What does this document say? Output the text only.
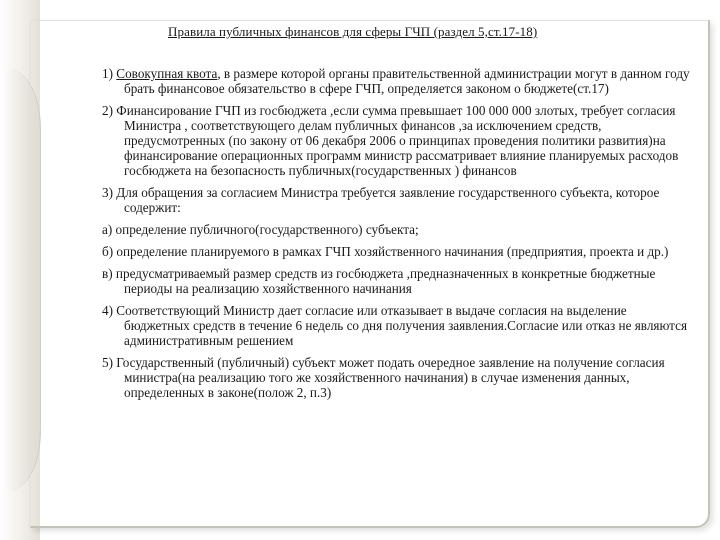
Правила публичных финансов для сферы ГЧП (раздел 5,ст.17-18)

1) Совокупная квота, в размере которой органы правительственной администрации могут в данном году брать финансовое обязательство в сфере ГЧП, определяется законом о бюджете(ст.17)

2) Финансирование ГЧП из госбюджета ,если сумма превышает 100 000 000 злотых, требует согласия Министра , соответствующего делам публичных финансов ,за исключением средств, предусмотренных (по закону от 06 декабря 2006 о принципах проведения политики развития)на финансирование операционных программ министр рассматривает влияние планируемых расходов госбюджета на безопасность публичных(государственных ) финансов

3) Для обращения за согласием Министра требуется заявление государственного субъекта, которое содержит:

а) определение публичного(государственного) субъекта;

б) определение планируемого в рамках ГЧП хозяйственного начинания (предприятия, проекта и др.)

в) предусматриваемый размер средств из госбюджета ,предназначенных в конкретные бюджетные периоды на реализацию хозяйственного начинания

4) Соответствующий Министр дает согласие или отказывает в выдаче согласия на выделение бюджетных средств в течение 6 недель со дня получения заявления.Согласие или отказ не являются административным решением

5) Государственный (публичный) субъект может подать очередное заявление на получение согласия министра(на реализацию того же хозяйственного начинания) в случае изменения данных, определенных в законе(полож 2, п.3)
